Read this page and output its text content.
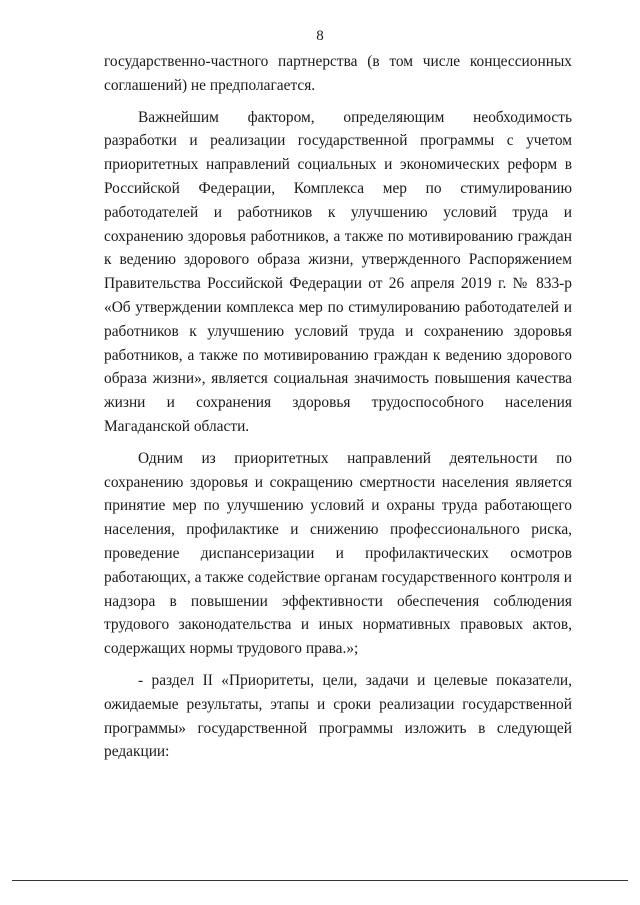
8

государственно-частного партнерства (в том числе концессионных соглашений) не предполагается.

Важнейшим фактором, определяющим необходимость разработки и реализации государственной программы с учетом приоритетных направлений социальных и экономических реформ в Российской Федерации, Комплекса мер по стимулированию работодателей и работников к улучшению условий труда и сохранению здоровья работников, а также по мотивированию граждан к ведению здорового образа жизни, утвержденного Распоряжением Правительства Российской Федерации от 26 апреля 2019 г. № 833-р «Об утверждении комплекса мер по стимулированию работодателей и работников к улучшению условий труда и сохранению здоровья работников, а также по мотивированию граждан к ведению здорового образа жизни», является социальная значимость повышения качества жизни и сохранения здоровья трудоспособного населения Магаданской области.

Одним из приоритетных направлений деятельности по сохранению здоровья и сокращению смертности населения является принятие мер по улучшению условий и охраны труда работающего населения, профилактике и снижению профессионального риска, проведение диспансеризации и профилактических осмотров работающих, а также содействие органам государственного контроля и надзора в повышении эффективности обеспечения соблюдения трудового законодательства и иных нормативных правовых актов, содержащих нормы трудового права.»;

- раздел II «Приоритеты, цели, задачи и целевые показатели, ожидаемые результаты, этапы и сроки реализации государственной программы» государственной программы изложить в следующей редакции:
